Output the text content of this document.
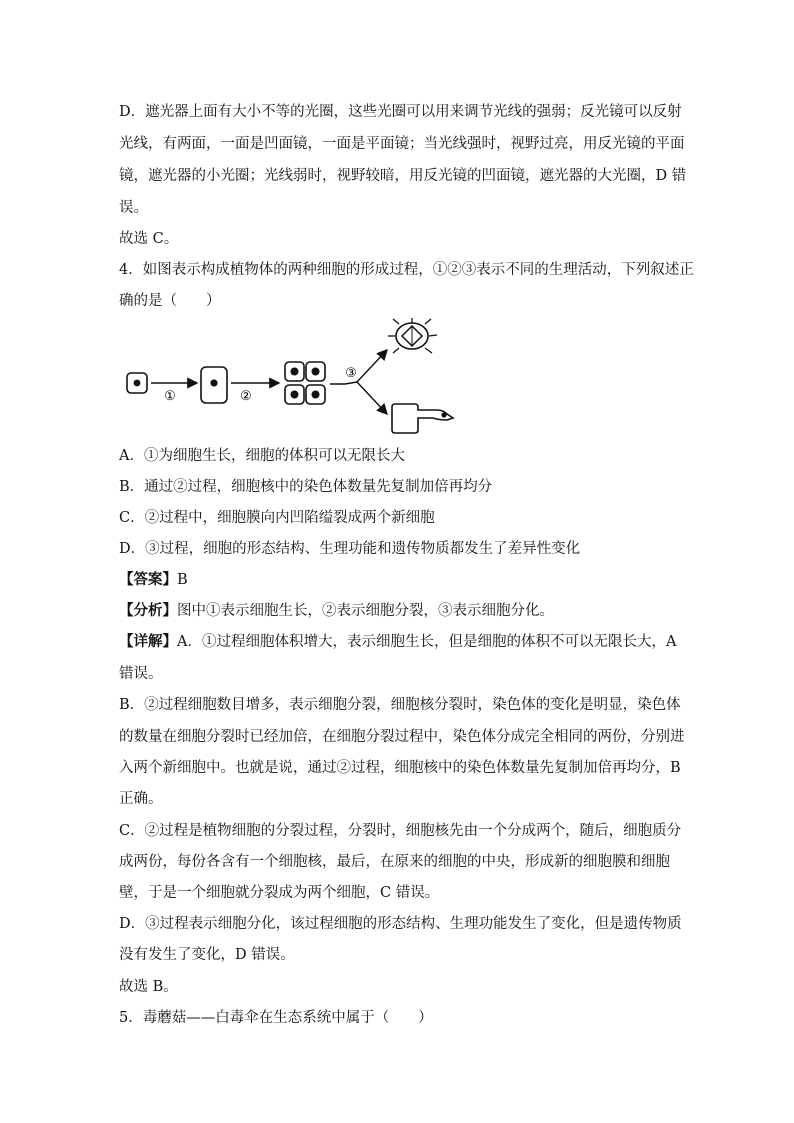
D．遮光器上面有大小不等的光圈，这些光圈可以用来调节光线的强弱；反光镜可以反射
光线，有两面，一面是凹面镜，一面是平面镜；当光线强时，视野过亮，用反光镜的平面
镜，遮光器的小光圈；光线弱时，视野较暗，用反光镜的凹面镜，遮光器的大光圈，D 错
误。
故选 C。
4．如图表示构成植物体的两种细胞的形成过程，①②③表示不同的生理活动，下列叙述正
确的是（　　）
①	②
③
A．①为细胞生长，细胞的体积可以无限长大
B．通过②过程，细胞核中的染色体数量先复制加倍再均分
C．②过程中，细胞膜向内凹陷缢裂成两个新细胞
D．③过程，细胞的形态结构、生理功能和遗传物质都发生了差异性变化
【答案】B
【分析】图中①表示细胞生长，②表示细胞分裂，③表示细胞分化。
【详解】A．①过程细胞体积增大，表示细胞生长，但是细胞的体积不可以无限长大，A
错误。
B．②过程细胞数目增多，表示细胞分裂，细胞核分裂时，染色体的变化是明显，染色体
的数量在细胞分裂时已经加倍，在细胞分裂过程中，染色体分成完全相同的两份，分别进
入两个新细胞中。也就是说，通过②过程，细胞核中的染色体数量先复制加倍再均分，B
正确。
C．②过程是植物细胞的分裂过程，分裂时，细胞核先由一个分成两个，随后，细胞质分
成两份，每份各含有一个细胞核，最后，在原来的细胞的中央，形成新的细胞膜和细胞
壁，于是一个细胞就分裂成为两个细胞，C 错误。
D．③过程表示细胞分化，该过程细胞的形态结构、生理功能发生了变化，但是遗传物质
没有发生了变化，D 错误。
故选 B。
5．毒蘑菇——白毒伞在生态系统中属于（　　）
